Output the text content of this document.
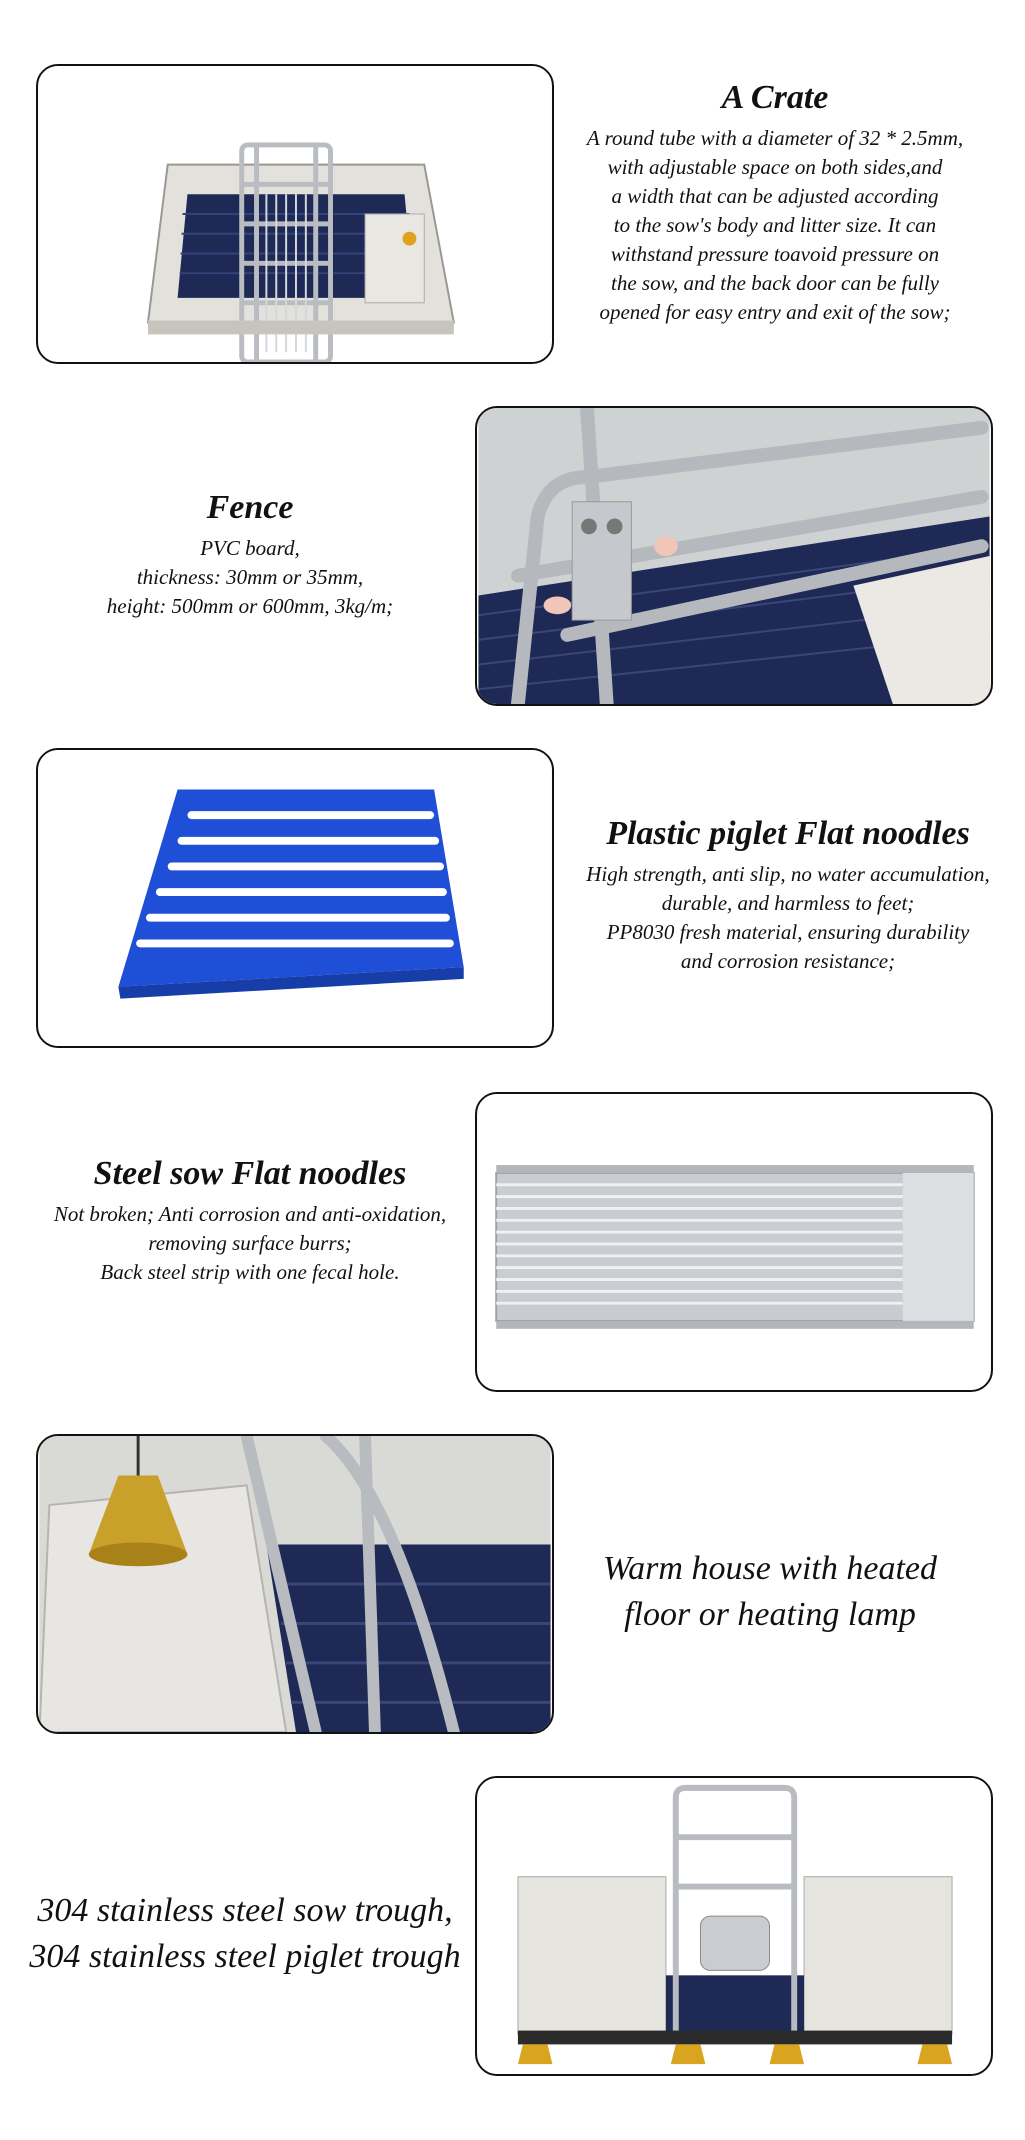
A Crate
A round tube with a diameter of 32 * 2.5mm,
with adjustable space on both sides,and
a width that can be adjusted according
to the sow's body and litter size. It can
withstand pressure toavoid pressure on
the sow, and the back door can be fully
opened for easy entry and exit of the sow;
Fence
PVC board,
thickness: 30mm or 35mm,
height: 500mm or 600mm, 3kg/m;
Plastic piglet Flat noodles
High strength, anti slip, no water accumulation,
durable, and harmless to feet;
PP8030 fresh material, ensuring durability
and corrosion resistance;
Steel sow Flat noodles
Not broken; Anti corrosion and anti-oxidation,
removing surface burrs;
Back steel strip with one fecal hole.
Warm house with heated
floor or heating lamp
304 stainless steel sow trough,
304 stainless steel piglet trough
